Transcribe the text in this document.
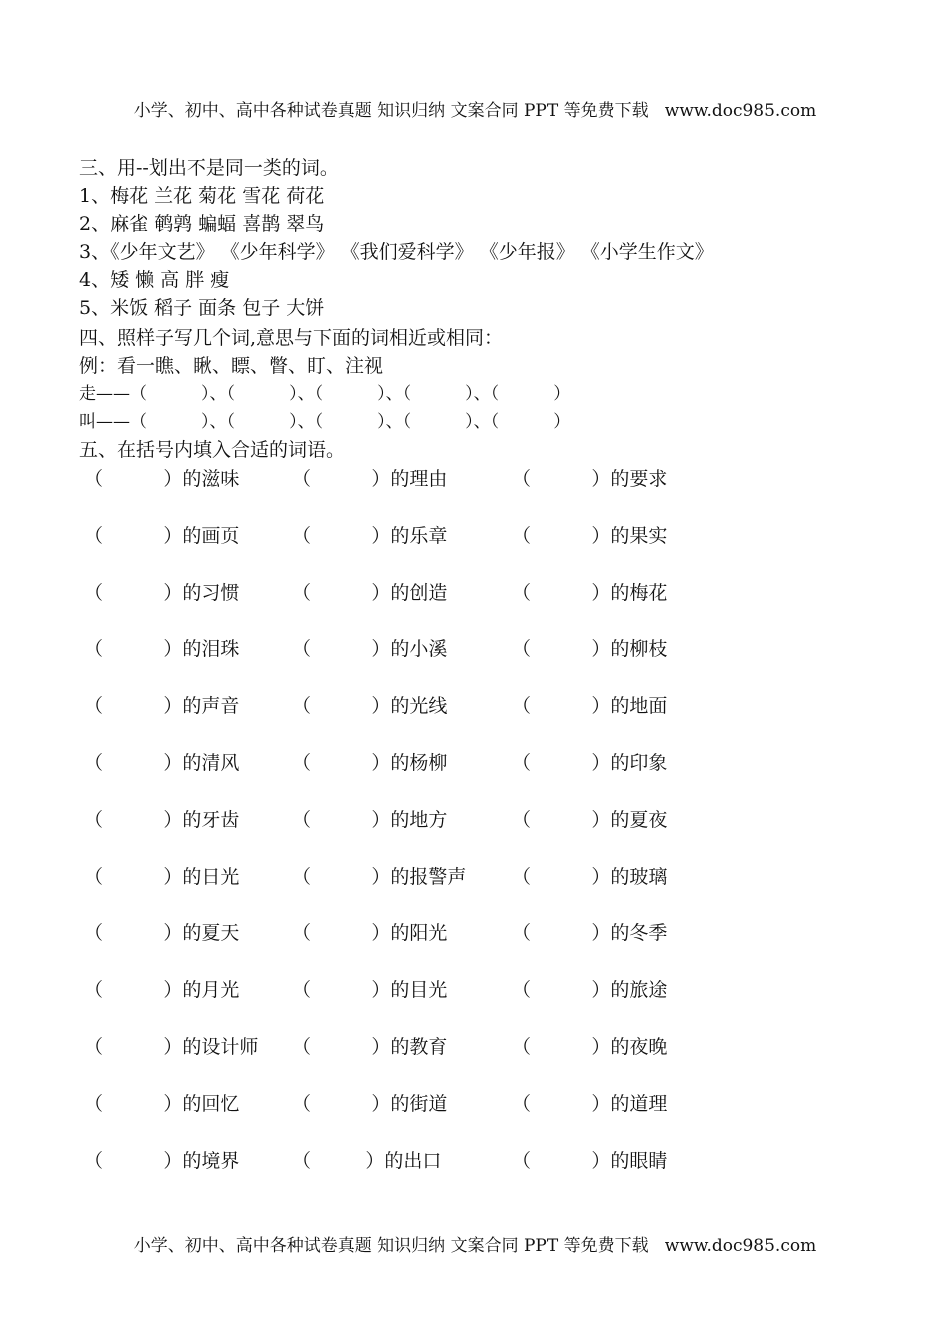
小学、初中、高中各种试卷真题 知识归纳 文案合同 PPT 等免费下载   www.doc985.com
三、用--划出不是同一类的词。
1、梅花 兰花 菊花 雪花 荷花
2、麻雀 鹌鹑 蝙蝠 喜鹊 翠鸟
3、《少年文艺》 《少年科学》 《我们爱科学》 《少年报》 《小学生作文》
4、矮 懒 高 胖 瘦
5、米饭 稻子 面条 包子 大饼
四、照样子写几个词,意思与下面的词相近或相同：
例：看一瞧、瞅、瞟、瞥、盯、注视
走——（          ）、（          ）、（          ）、（          ）、（          ）
叫——（          ）、（          ）、（          ）、（          ）、（          ）
五、在括号内填入合适的词语。
（          ）的滋味	（          ）的理由	（          ）的要求
（          ）的画页	（          ）的乐章	（          ）的果实
（          ）的习惯	（          ）的创造	（          ）的梅花
（          ）的泪珠	（          ）的小溪	（          ）的柳枝
（          ）的声音	（          ）的光线	（          ）的地面
（          ）的清风	（          ）的杨柳	（          ）的印象
（          ）的牙齿	（          ）的地方	（          ）的夏夜
（          ）的日光	（          ）的报警声 （          ）的玻璃
（          ）的夏天	（          ）的阳光	（          ）的冬季
（          ）的月光	（          ）的目光	（          ）的旅途
（          ）的设计师 （          ）的教育	（          ）的夜晚
（          ）的回忆	（          ）的街道	（          ）的道理
（          ）的境界	（         ）的出口	（          ）的眼睛
小学、初中、高中各种试卷真题 知识归纳 文案合同 PPT 等免费下载   www.doc985.com
